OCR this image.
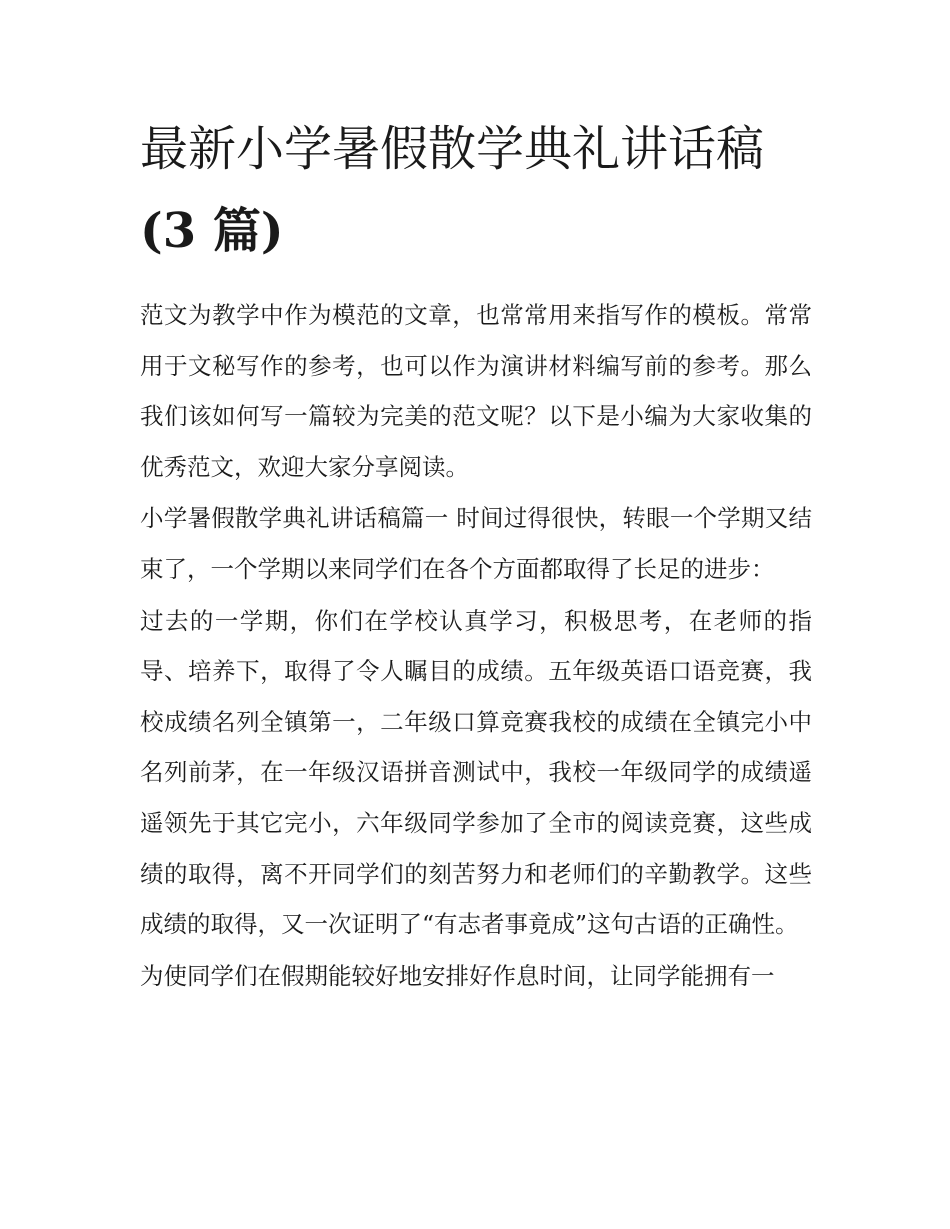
最新小学暑假散学典礼讲话稿
(3 篇)

范文为教学中作为模范的文章，也常常用来指写作的模板。常常用于文秘写作的参考，也可以作为演讲材料编写前的参考。那么我们该如何写一篇较为完美的范文呢？以下是小编为大家收集的优秀范文，欢迎大家分享阅读。

小学暑假散学典礼讲话稿篇一 时间过得很快，转眼一个学期又结束了，一个学期以来同学们在各个方面都取得了长足的进步：

过去的一学期，你们在学校认真学习，积极思考，在老师的指导、培养下，取得了令人瞩目的成绩。五年级英语口语竞赛，我校成绩名列全镇第一，二年级口算竞赛我校的成绩在全镇完小中名列前茅，在一年级汉语拼音测试中，我校一年级同学的成绩遥遥领先于其它完小，六年级同学参加了全市的阅读竞赛，这些成绩的取得，离不开同学们的刻苦努力和老师们的辛勤教学。这些成绩的取得，又一次证明了“有志者事竟成”这句古语的正确性。

为使同学们在假期能较好地安排好作息时间，让同学能拥有一
